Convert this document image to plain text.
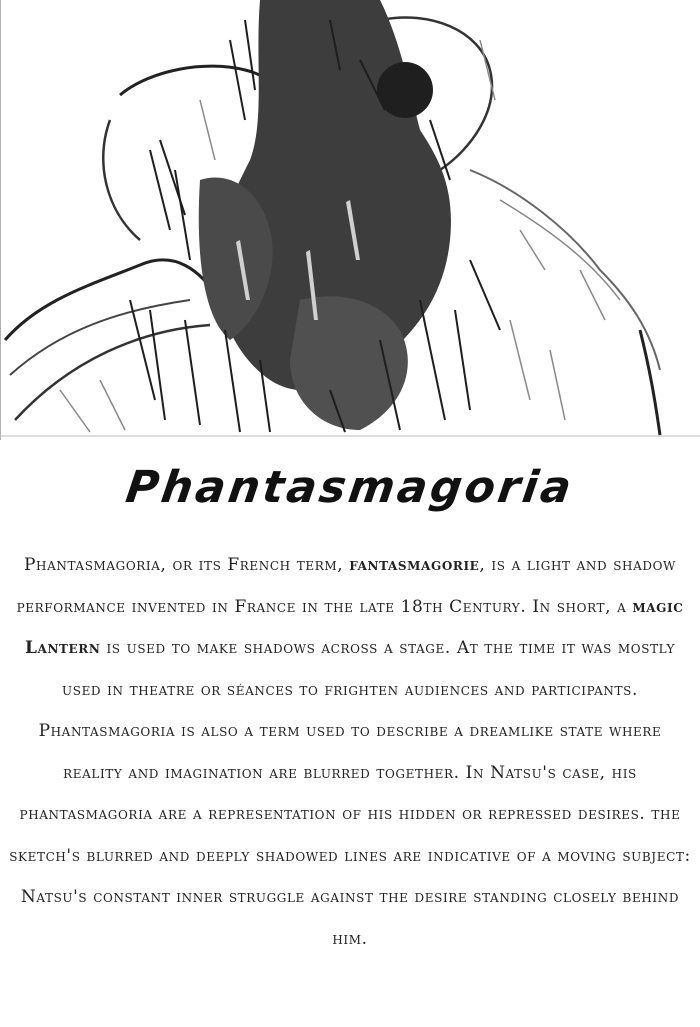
Phantasmagoria

Phantasmagoria, or its French term, fantasmagorie, is a light and shadow performance invented in France in the late 18th Century. In short, a magic Lantern is used to make shadows across a stage. At the time it was mostly used in theatre or séances to frighten audiences and participants.

Phantasmagoria is also a term used to describe a dreamlike state where reality and imagination are blurred together. In Natsu's case, his phantasmagoria are a representation of his hidden or repressed desires. the sketch's blurred and deeply shadowed lines are indicative of a moving subject: Natsu's constant inner struggle against the desire standing closely behind him.
